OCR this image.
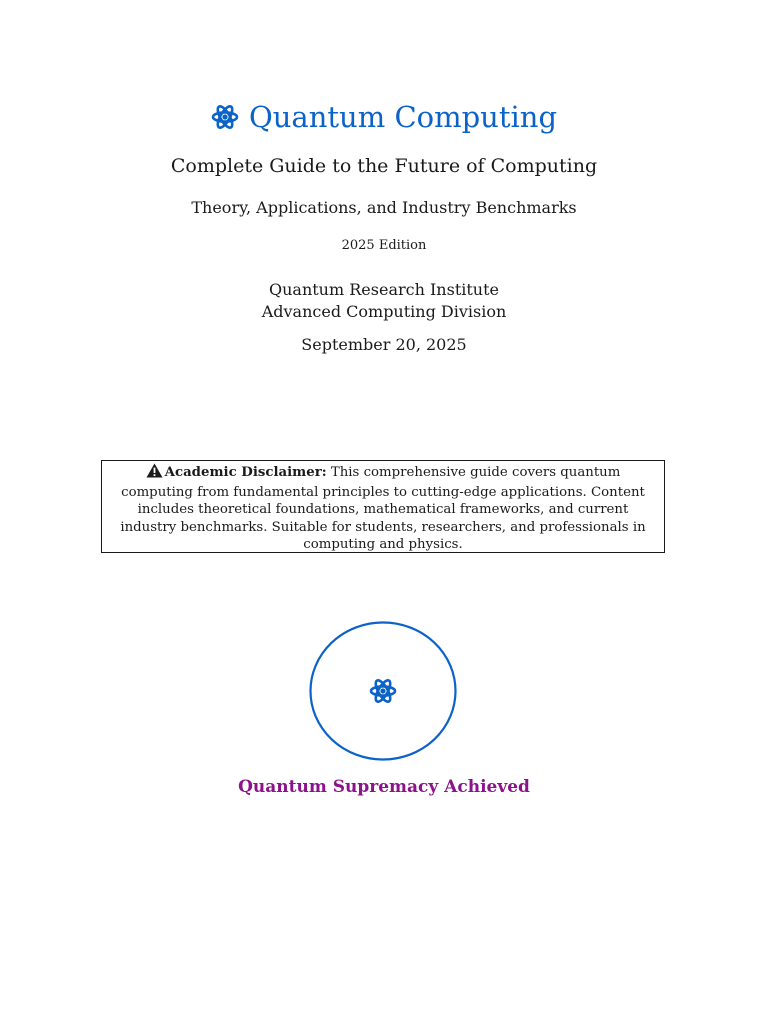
Quantum Computing
Complete Guide to the Future of Computing
Theory, Applications, and Industry Benchmarks
2025 Edition
Quantum Research Institute
Advanced Computing Division
September 20, 2025
Academic Disclaimer: This comprehensive guide covers quantum computing from fundamental principles to cutting-edge applications. Content includes theoretical foundations, mathematical frameworks, and current industry benchmarks. Suitable for students, researchers, and professionals in computing and physics.
Quantum Supremacy Achieved
